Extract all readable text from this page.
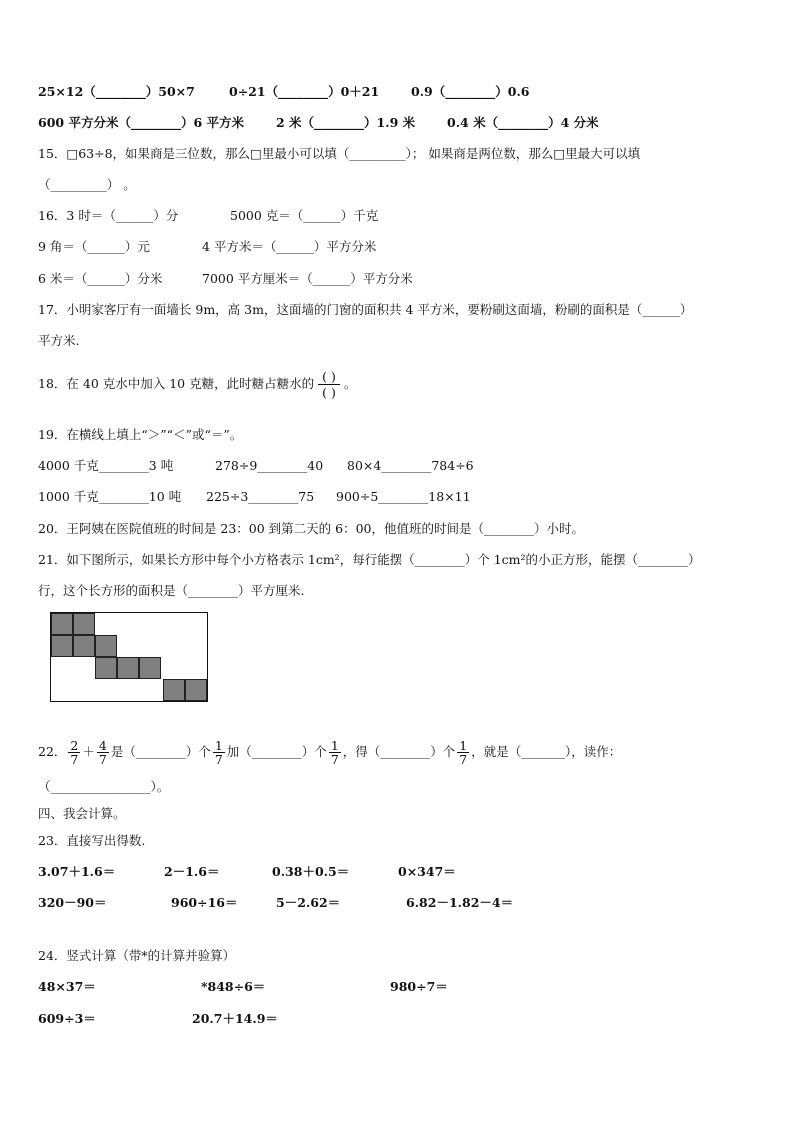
25×12（________）50×7	0÷21（________）0＋21	0.9（________）0.6
600 平方分米（________）6 平方米	2 米（________）1.9 米	0.4 米（________）4 分米
15．□63÷8，如果商是三位数，那么□里最小可以填（_________）； 如果商是两位数，那么□里最大可以填
（_________） 。
16．3 时＝（______）分	5000 克＝（______）千克
9 角＝（______）元	4 平方米＝（______）平方分米
6 米＝（______）分米	7000 平方厘米＝（______）平方分米
17．小明家客厅有一面墙长 9m，高 3m，这面墙的门窗的面积共 4 平方米，要粉刷这面墙，粉刷的面积是（______）
平方米.
18．在 40 克水中加入 10 克糖，此时糖占糖水的 $\frac{( )}{( )}$ 。
19．在横线上填上“＞”“＜”或“＝”。
4000 千克________3 吨	278÷9________40 80×4________784÷6
1000 千克________10 吨 225÷3________75 900÷5________18×11
20．王阿姨在医院值班的时间是 23：00 到第二天的 6：00，他值班的时间是（________）小时。
21．如下图所示，如果长方形中每个小方格表示 1cm²，每行能摆（________）个 1cm²的小正方形，能摆（________）
行，这个长方形的面积是（________）平方厘米.
22． $\frac{2}{7} + \frac{4}{7}$ 是（________）个 $\frac{1}{7}$ 加（________）个 $\frac{1}{7}$ ，得（________）个 $\frac{1}{7}$ ，就是（_______），读作：
（________________）。
四、我会计算。
23．直接写出得数.
3.07＋1.6＝	2－1.6＝	0.38＋0.5＝	0×347＝
320－90＝	960÷16＝	5－2.62＝	6.82－1.82－4＝
24．竖式计算（带*的计算并验算）
48×37＝	*848÷6＝	980÷7＝
609÷3＝	20.7＋14.9＝
